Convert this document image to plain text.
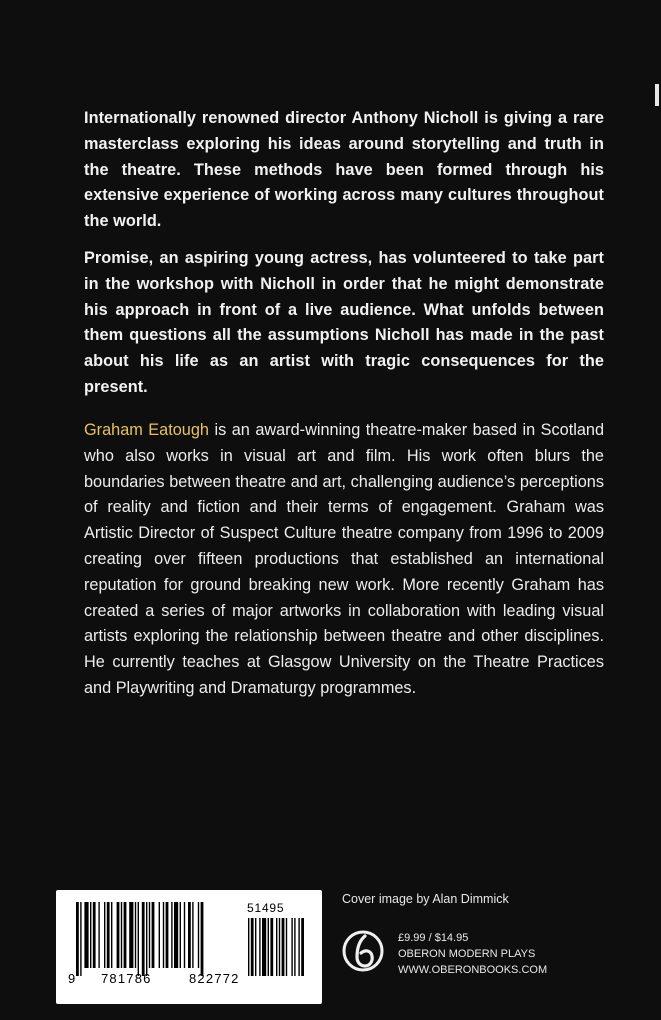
Internationally renowned director Anthony Nicholl is giving a rare masterclass exploring his ideas around storytelling and truth in the theatre. These methods have been formed through his extensive experience of working across many cultures throughout the world.

Promise, an aspiring young actress, has volunteered to take part in the workshop with Nicholl in order that he might demonstrate his approach in front of a live audience. What unfolds between them questions all the assumptions Nicholl has made in the past about his life as an artist with tragic consequences for the present.

Graham Eatough is an award-winning theatre-maker based in Scotland who also works in visual art and film. His work often blurs the boundaries between theatre and art, challenging audience’s perceptions of reality and fiction and their terms of engagement. Graham was Artistic Director of Suspect Culture theatre company from 1996 to 2009 creating over fifteen productions that established an international reputation for ground breaking new work. More recently Graham has created a series of major artworks in collaboration with leading visual artists exploring the relationship between theatre and other disciplines. He currently teaches at Glasgow University on the Theatre Practices and Playwriting and Dramaturgy programmes.

51495
9 781786	822772
Cover image by Alan Dimmick
£9.99 / $14.95
OBERON MODERN PLAYS
WWW.OBERONBOOKS.COM
